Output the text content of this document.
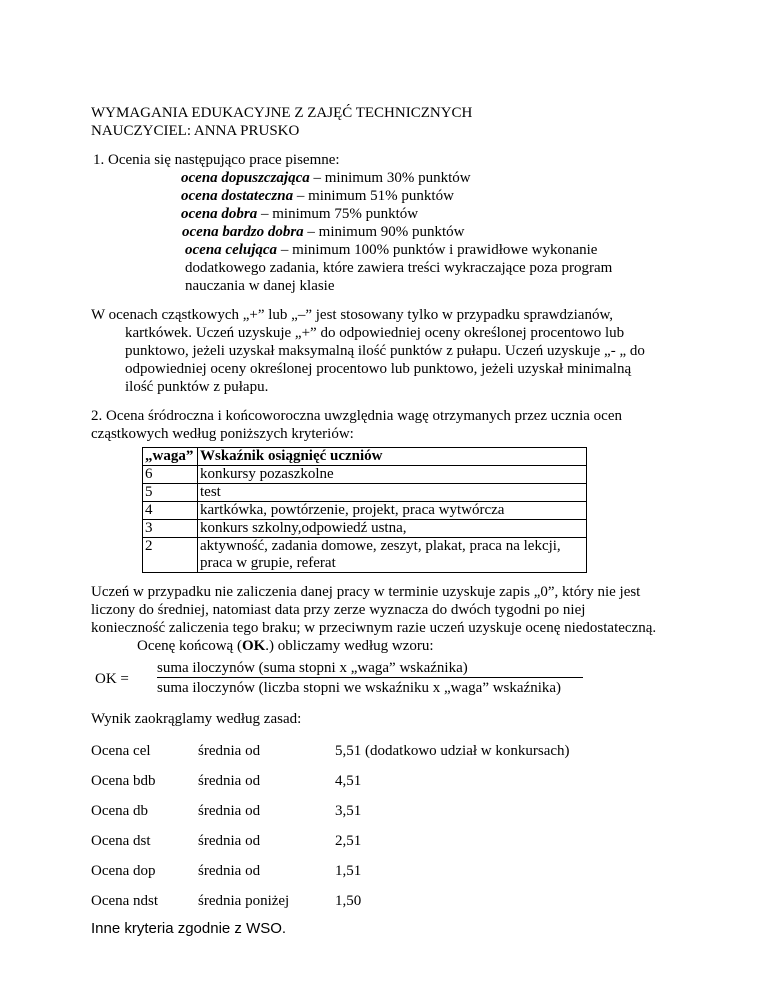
WYMAGANIA EDUKACYJNE Z ZAJĘĆ TECHNICZNYCH
NAUCZYCIEL: ANNA PRUSKO
1. Ocenia się następująco prace pisemne:
ocena dopuszczająca – minimum 30% punktów
ocena dostateczna – minimum 51% punktów
ocena dobra – minimum 75% punktów
ocena bardzo dobra – minimum 90% punktów
ocena celująca – minimum 100% punktów i prawidłowe wykonanie
dodatkowego zadania, które zawiera treści wykraczające poza program
nauczania w danej klasie
W ocenach cząstkowych „+” lub „–” jest stosowany tylko w przypadku sprawdzianów,
kartkówek. Uczeń uzyskuje „+” do odpowiedniej oceny określonej procentowo lub
punktowo, jeżeli uzyskał maksymalną ilość punktów z pułapu. Uczeń uzyskuje „- „ do
odpowiedniej oceny określonej procentowo lub punktowo, jeżeli uzyskał minimalną
ilość punktów z pułapu.
2. Ocena śródroczna i końcoworoczna uwzględnia wagę otrzymanych przez ucznia ocen
cząstkowych według poniższych kryteriów:
„waga”	Wskaźnik osiągnięć uczniów
6	konkursy pozaszkolne
5	test
4	kartkówka, powtórzenie, projekt, praca wytwórcza
3	konkurs szkolny,odpowiedź ustna,
2	aktywność, zadania domowe, zeszyt, plakat, praca na lekcji, praca w grupie, referat
Uczeń w przypadku nie zaliczenia danej pracy w terminie uzyskuje zapis „0”, który nie jest
liczony do średniej, natomiast data przy zerze wyznacza do dwóch tygodni po niej
konieczność zaliczenia tego braku; w przeciwnym razie uczeń uzyskuje ocenę niedostateczną.
Ocenę końcową (OK.) obliczamy według wzoru:
OK =
suma iloczynów (suma stopni x „waga” wskaźnika)
suma iloczynów (liczba stopni we wskaźniku x „waga” wskaźnika)
Wynik zaokrąglamy według zasad:
Ocena cel	średnia od	5,51 (dodatkowo udział w konkursach)
Ocena bdb	średnia od	4,51
Ocena db	średnia od	3,51
Ocena dst	średnia od	2,51
Ocena dop	średnia od	1,51
Ocena ndst	średnia poniżej	1,50
Inne kryteria zgodnie z WSO.
